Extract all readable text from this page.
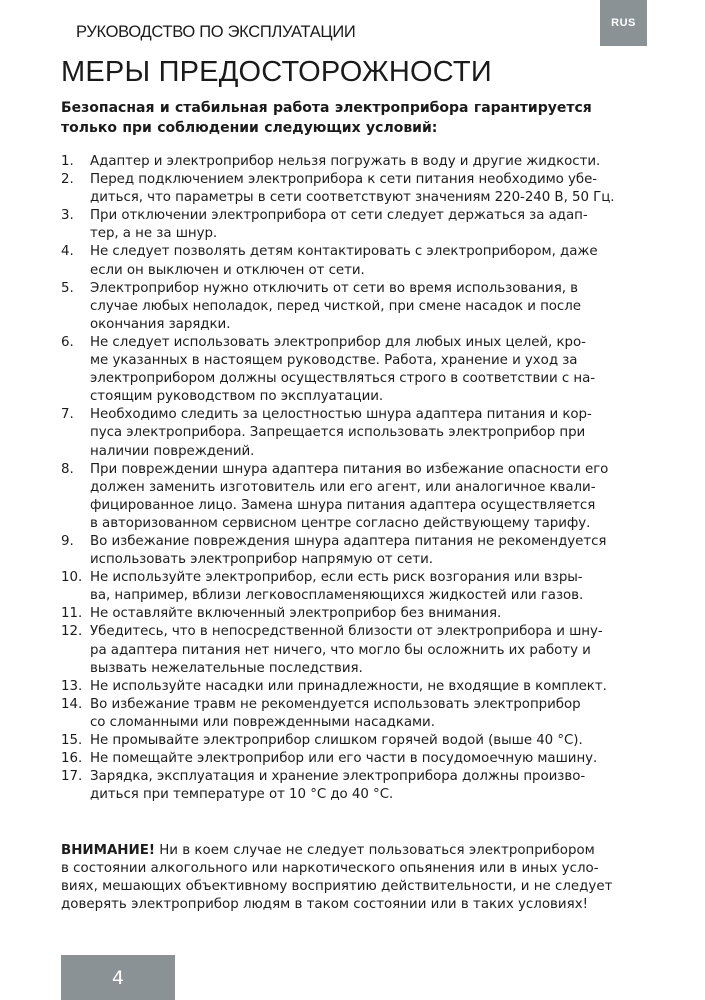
РУКОВОДСТВО ПО ЭКСПЛУАТАЦИИ	RUS
МЕРЫ ПРЕДОСТОРОЖНОСТИ
Безопасная и стабильная работа электроприбора гарантируется
только при соблюдении следующих условий:
1. Адаптер и электроприбор нельзя погружать в воду и другие жидкости.
2. Перед подключением электроприбора к сети питания необходимо убе-
диться, что параметры в сети соответствуют значениям 220-240 В, 50 Гц.
3. При отключении электроприбора от сети следует держаться за адап-
тер, а не за шнур.
4. Не следует позволять детям контактировать с электроприбором, даже
если он выключен и отключен от сети.
5. Электроприбор нужно отключить от сети во время использования, в
случае любых неполадок, перед чисткой, при смене насадок и после
окончания зарядки.
6. Не следует использовать электроприбор для любых иных целей, кро-
ме указанных в настоящем руководстве. Работа, хранение и уход за
электроприбором должны осуществляться строго в соответствии с на-
стоящим руководством по эксплуатации.
7. Необходимо следить за целостностью шнура адаптера питания и кор-
пуса электроприбора. Запрещается использовать электроприбор при
наличии повреждений.
8. При повреждении шнура адаптера питания во избежание опасности его
должен заменить изготовитель или его агент, или аналогичное квали-
фицированное лицо. Замена шнура питания адаптера осуществляется
в авторизованном сервисном центре согласно действующему тарифу.
9. Во избежание повреждения шнура адаптера питания не рекомендуется
использовать электроприбор напрямую от сети.
10. Не используйте электроприбор, если есть риск возгорания или взры-
ва, например, вблизи легковоспламеняющихся жидкостей или газов.
11. Не оставляйте включенный электроприбор без внимания.
12. Убедитесь, что в непосредственной близости от электроприбора и шну-
ра адаптера питания нет ничего, что могло бы осложнить их работу и
вызвать нежелательные последствия.
13. Не используйте насадки или принадлежности, не входящие в комплект.
14. Во избежание травм не рекомендуется использовать электроприбор
со сломанными или поврежденными насадками.
15. Не промывайте электроприбор слишком горячей водой (выше 40 °С).
16. Не помещайте электроприбор или его части в посудомоечную машину.
17. Зарядка, эксплуатация и хранение электроприбора должны произво-
диться при температуре от 10 °С до 40 °С.
ВНИМАНИЕ! Ни в коем случае не следует пользоваться электроприбором
в состоянии алкогольного или наркотического опьянения или в иных усло-
виях, мешающих объективному восприятию действительности, и не следует
доверять электроприбор людям в таком состоянии или в таких условиях!
4
